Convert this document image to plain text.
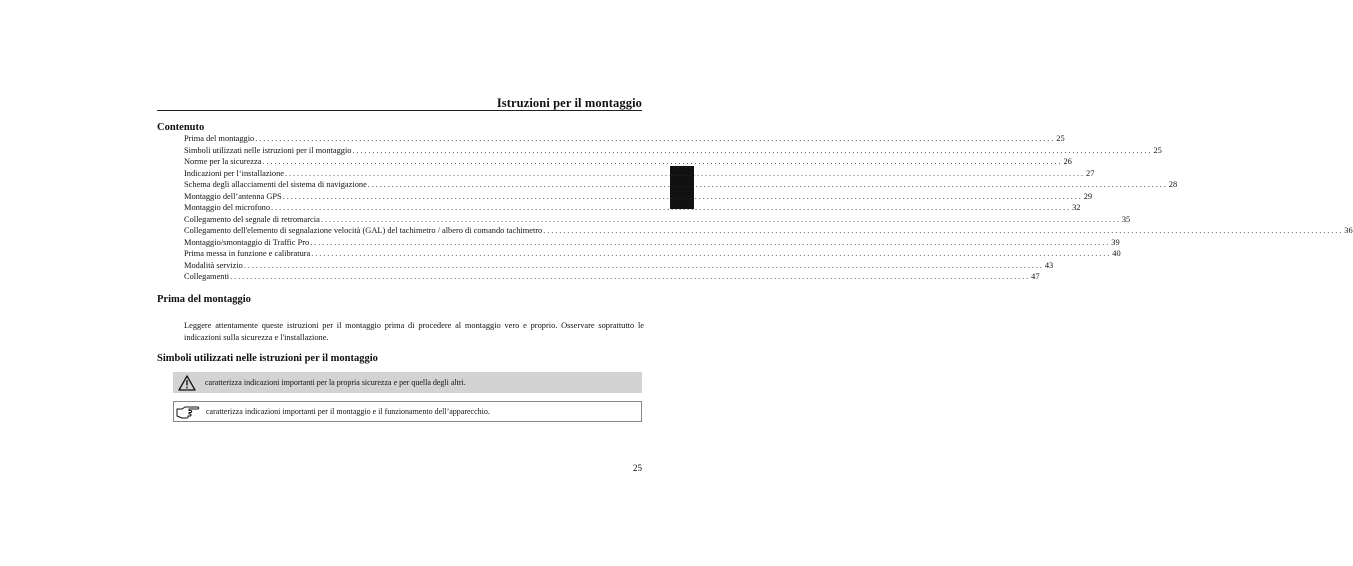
Istruzioni per il montaggio
Contenuto
Prima del montaggio ........................................................................................................................................................................................................ 25
Simboli utilizzati nelle istruzioni per il montaggio ........................................................................................................................................................................................................ 25
Norme per la sicurezza ........................................................................................................................................................................................................ 26
Indicazioni per l‘installazione ........................................................................................................................................................................................................ 27
Schema degli allacciamenti del sistema di navigazione ........................................................................................................................................................................................................ 28
Montaggio dell’antenna GPS ........................................................................................................................................................................................................ 29
Montaggio del microfono ........................................................................................................................................................................................................ 32
Collegamento del segnale di retromarcia ........................................................................................................................................................................................................ 35
Collegamento dell'elemento di segnalazione velocità (GAL) del tachimetro / albero di comando tachimetro ........................................................................................................................................................................................................ 36
Montaggio/smontaggio di Traffic Pro ........................................................................................................................................................................................................ 39
Prima messa in funzione e calibratura ........................................................................................................................................................................................................ 40
Modalità servizio ........................................................................................................................................................................................................ 43
Collegamenti ........................................................................................................................................................................................................ 47
Prima del montaggio
Leggere attentamente queste istruzioni per il montaggio prima di procedere al montaggio vero e proprio. Osservare soprattutto le indicazioni sulla sicurezza e l'installazione.
Simboli utilizzati nelle istruzioni per il montaggio
caratterizza indicazioni importanti per la propria sicurezza e per quella degli altri.
caratterizza indicazioni importanti per il montaggio e il funzionamento dell’apparecchio.
25
